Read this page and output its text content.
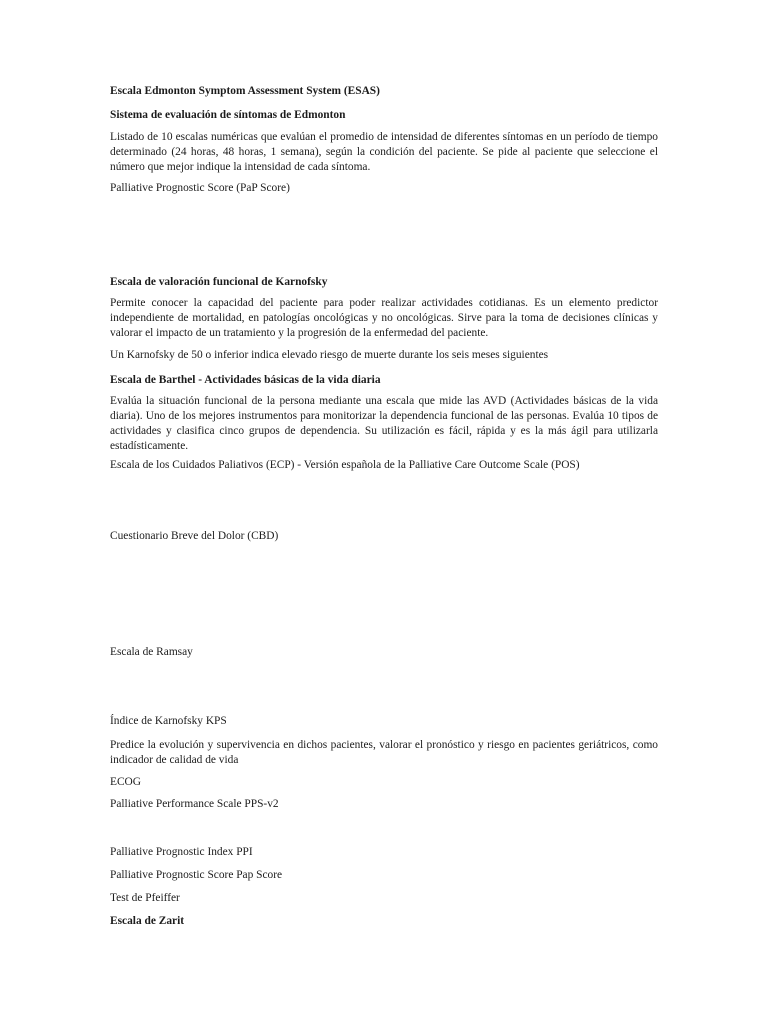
Escala Edmonton Symptom Assessment System (ESAS)

Sistema de evaluación de síntomas de Edmonton

Listado de 10 escalas numéricas que evalúan el promedio de intensidad de diferentes síntomas en un período de tiempo determinado (24 horas, 48 horas, 1 semana), según la condición del paciente. Se pide al paciente que seleccione el número que mejor indique la intensidad de cada síntoma.

Palliative Prognostic Score (PaP Score)

Escala de valoración funcional de Karnofsky

Permite conocer la capacidad del paciente para poder realizar actividades cotidianas. Es un elemento predictor independiente de mortalidad, en patologías oncológicas y no oncológicas. Sirve para la toma de decisiones clínicas y valorar el impacto de un tratamiento y la progresión de la enfermedad del paciente.

Un Karnofsky de 50 o inferior indica elevado riesgo de muerte durante los seis meses siguientes

Escala de Barthel - Actividades básicas de la vida diaria

Evalúa la situación funcional de la persona mediante una escala que mide las AVD (Actividades básicas de la vida diaria). Uno de los mejores instrumentos para monitorizar la dependencia funcional de las personas. Evalúa 10 tipos de actividades y clasifica cinco grupos de dependencia. Su utilización es fácil, rápida y es la más ágil para utilizarla estadísticamente.

Escala de los Cuidados Paliativos (ECP) - Versión española de la Palliative Care Outcome Scale (POS)

Cuestionario Breve del Dolor (CBD)

Escala de Ramsay

Índice de Karnofsky KPS

Predice la evolución y supervivencia en dichos pacientes, valorar el pronóstico y riesgo en pacientes geriátricos, como indicador de calidad de vida

ECOG

Palliative Performance Scale PPS-v2

Palliative Prognostic Index PPI

Palliative Prognostic Score Pap Score

Test de Pfeiffer

Escala de Zarit
